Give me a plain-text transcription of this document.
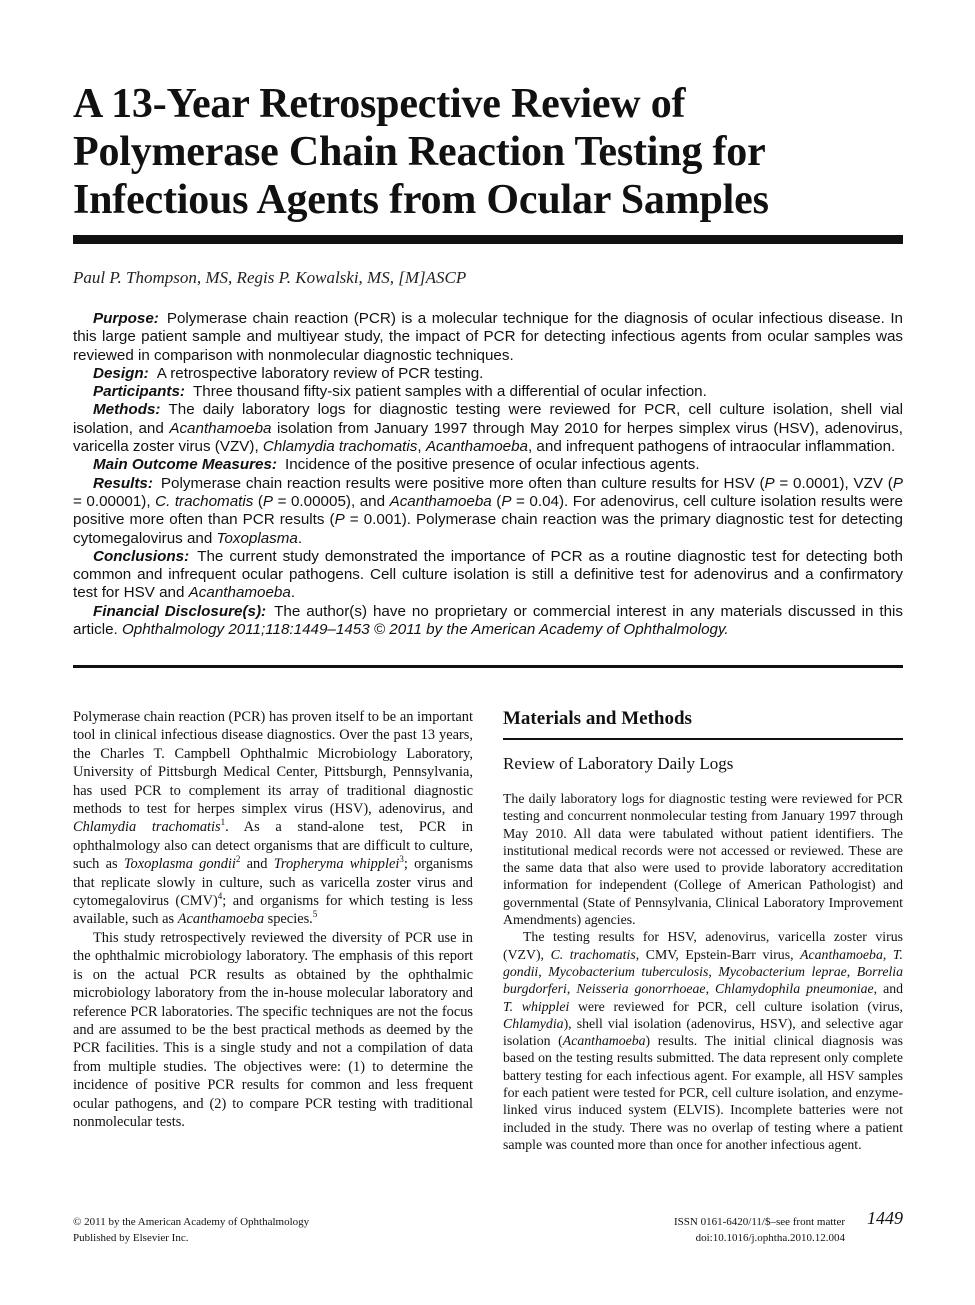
A 13-Year Retrospective Review of
Polymerase Chain Reaction Testing for
Infectious Agents from Ocular Samples
Paul P. Thompson, MS, Regis P. Kowalski, MS, [M]ASCP

Purpose: Polymerase chain reaction (PCR) is a molecular technique for the diagnosis of ocular infectious disease. In this large patient sample and multiyear study, the impact of PCR for detecting infectious agents from ocular samples was reviewed in comparison with nonmolecular diagnostic techniques.

Design: A retrospective laboratory review of PCR testing.

Participants: Three thousand fifty-six patient samples with a differential of ocular infection.

Methods: The daily laboratory logs for diagnostic testing were reviewed for PCR, cell culture isolation, shell vial isolation, and Acanthamoeba isolation from January 1997 through May 2010 for herpes simplex virus (HSV), adenovirus, varicella zoster virus (VZV), Chlamydia trachomatis, Acanthamoeba, and infrequent pathogens of intraocular inflammation.

Main Outcome Measures: Incidence of the positive presence of ocular infectious agents.

Results: Polymerase chain reaction results were positive more often than culture results for HSV (P = 0.0001), VZV (P = 0.00001), C. trachomatis (P = 0.00005), and Acanthamoeba (P = 0.04). For adenovirus, cell culture isolation results were positive more often than PCR results (P = 0.001). Polymerase chain reaction was the primary diagnostic test for detecting cytomegalovirus and Toxoplasma.

Conclusions: The current study demonstrated the importance of PCR as a routine diagnostic test for detecting both common and infrequent ocular pathogens. Cell culture isolation is still a definitive test for adenovirus and a confirmatory test for HSV and Acanthamoeba.

Financial Disclosure(s): The author(s) have no proprietary or commercial interest in any materials discussed in this article. Ophthalmology 2011;118:1449–1453 © 2011 by the American Academy of Ophthalmology.

Polymerase chain reaction (PCR) has proven itself to be an important tool in clinical infectious disease diagnostics. Over the past 13 years, the Charles T. Campbell Ophthalmic Microbiology Laboratory, University of Pittsburgh Medical Center, Pittsburgh, Pennsylvania, has used PCR to complement its array of traditional diagnostic methods to test for herpes simplex virus (HSV), adenovirus, and Chlamydia trachomatis$^1$. As a stand-alone test, PCR in ophthalmology also can detect organisms that are difficult to culture, such as Toxoplasma gondii$^2$ and Tropheryma whipplei$^3$; organisms that replicate slowly in culture, such as varicella zoster virus and cytomegalovirus (CMV)$^4$; and organisms for which testing is less available, such as Acanthamoeba species.$^5$

This study retrospectively reviewed the diversity of PCR use in the ophthalmic microbiology laboratory. The emphasis of this report is on the actual PCR results as obtained by the ophthalmic microbiology laboratory from the in-house molecular laboratory and reference PCR laboratories. The specific techniques are not the focus and are assumed to be the best practical methods as deemed by the PCR facilities. This is a single study and not a compilation of data from multiple studies. The objectives were: (1) to determine the incidence of positive PCR results for common and less frequent ocular pathogens, and (2) to compare PCR testing with traditional nonmolecular tests.

Materials and Methods
Review of Laboratory Daily Logs

The daily laboratory logs for diagnostic testing were reviewed for PCR testing and concurrent nonmolecular testing from January 1997 through May 2010. All data were tabulated without patient identifiers. The institutional medical records were not accessed or reviewed. These are the same data that also were used to provide laboratory accreditation information for independent (College of American Pathologist) and governmental (State of Pennsylvania, Clinical Laboratory Improvement Amendments) agencies.

The testing results for HSV, adenovirus, varicella zoster virus (VZV), C. trachomatis, CMV, Epstein-Barr virus, Acanthamoeba, T. gondii, Mycobacterium tuberculosis, Mycobacterium leprae, Borrelia burgdorferi, Neisseria gonorrhoeae, Chlamydophila pneumoniae, and T. whipplei were reviewed for PCR, cell culture isolation (virus, Chlamydia), shell vial isolation (adenovirus, HSV), and selective agar isolation (Acanthamoeba) results. The initial clinical diagnosis was based on the testing results submitted. The data represent only complete battery testing for each infectious agent. For example, all HSV samples for each patient were tested for PCR, cell culture isolation, and enzyme-linked virus induced system (ELVIS). Incomplete batteries were not included in the study. There was no overlap of testing where a patient sample was counted more than once for another infectious agent.

© 2011 by the American Academy of Ophthalmology
Published by Elsevier Inc.
ISSN 0161-6420/11/$–see front matter
doi:10.1016/j.ophtha.2010.12.004
1449
